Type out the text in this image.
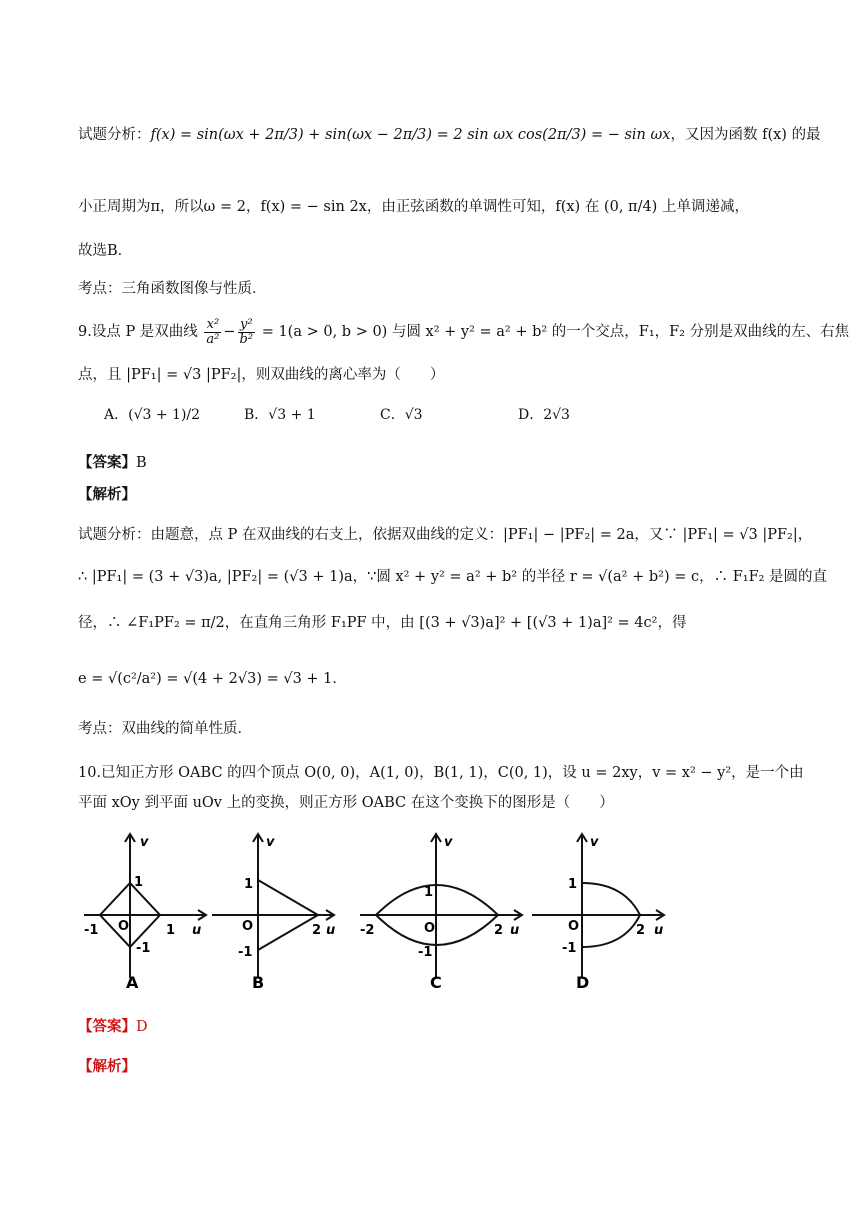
试题分析：f(x) = sin(ωx + 2π/3) + sin(ωx − 2π/3) = 2 sin ωx cos(2π/3) = − sin ωx，又因为函数 f(x) 的最
小正周期为π，所以ω = 2，f(x) = − sin 2x，由正弦函数的单调性可知，f(x) 在 (0, π/4) 上单调递减，
故选B．
考点：三角函数图像与性质．
9.设点 P 是双曲线 $\frac{\text{x²}}{\text{a²}} - \frac{\text{y²}}{\text{b²}} = 1(a > 0$, b > 0) 与圆 x² + y² = a² + b² 的一个交点，F₁，F₂ 分别是双曲线的左、右焦
点，且 |PF₁| = √3 |PF₂|，则双曲线的离心率为（　　）
A．(√3 + 1)/2	B．√3 + 1	C．√3	D．2√3
【答案】B
【解析】
试题分析：由题意，点 P 在双曲线的右支上，依据双曲线的定义：|PF₁| − |PF₂| = 2a，又∵ |PF₁| = √3 |PF₂|，
∴ |PF₁| = (3 + √3)a, |PF₂| = (√3 + 1)a，∵圆 x² + y² = a² + b² 的半径 r = √(a² + b²) = c，∴ F₁F₂ 是圆的直
径，∴ ∠F₁PF₂ = π/2，在直角三角形 F₁PF 中，由 [(3 + √3)a]² + [(√3 + 1)a]² = 4c²，得
e = √(c²/a²) = √(4 + 2√3) = √3 + 1．
考点：双曲线的简单性质．
10.已知正方形 OABC 的四个顶点 O(0, 0)，A(1, 0)，B(1, 1)，C(0, 1)，设 u = 2xy，v = x² − y²，是一个由
平面 xOy 到平面 uOv 上的变换，则正方形 OABC 在这个变换下的图形是（　　）
v
u
-1
1
O	1
-1
A
v
u
1
O	2
-1
B
v
u
-2
1
O	2
-1
C
v
u
1
O	2
-1
D
【答案】D
【解析】
